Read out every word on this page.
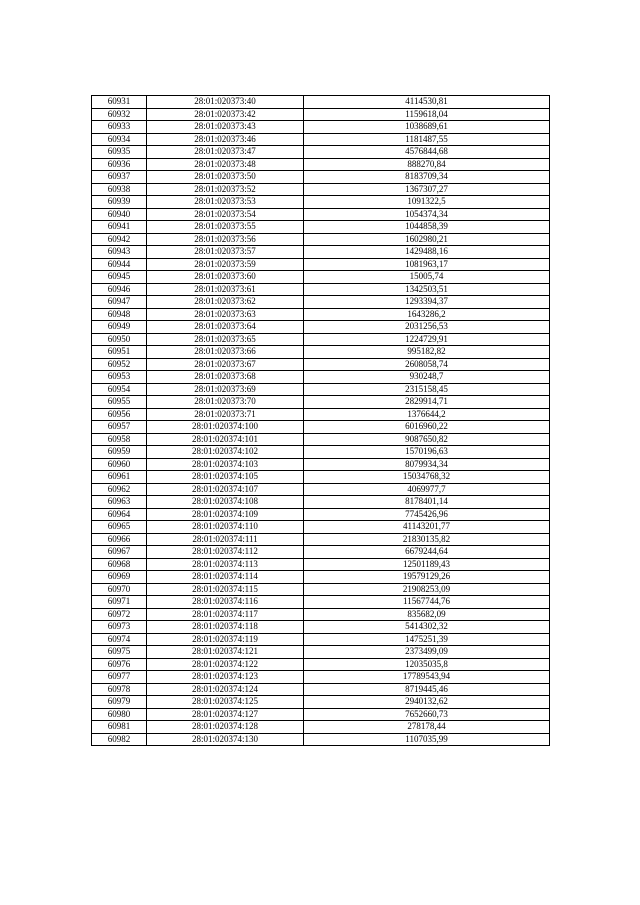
60931	28:01:020373:40	4114530,81
60932	28:01:020373:42	1159618,04
60933	28:01:020373:43	1038689,61
60934	28:01:020373:46	1181487,55
60935	28:01:020373:47	4576844,68
60936	28:01:020373:48	888270,84
60937	28:01:020373:50	8183709,34
60938	28:01:020373:52	1367307,27
60939	28:01:020373:53	1091322,5
60940	28:01:020373:54	1054374,34
60941	28:01:020373:55	1044858,39
60942	28:01:020373:56	1602980,21
60943	28:01:020373:57	1429488,16
60944	28:01:020373:59	1081963,17
60945	28:01:020373:60	15005,74
60946	28:01:020373:61	1342503,51
60947	28:01:020373:62	1293394,37
60948	28:01:020373:63	1643286,2
60949	28:01:020373:64	2031256,53
60950	28:01:020373:65	1224729,91
60951	28:01:020373:66	995182,82
60952	28:01:020373:67	2608058,74
60953	28:01:020373:68	930248,7
60954	28:01:020373:69	2315158,45
60955	28:01:020373:70	2829914,71
60956	28:01:020373:71	1376644,2
60957	28:01:020374:100	6016960,22
60958	28:01:020374:101	9087650,82
60959	28:01:020374:102	1570196,63
60960	28:01:020374:103	8079934,34
60961	28:01:020374:105	15034768,32
60962	28:01:020374:107	4069977,7
60963	28:01:020374:108	8178401,14
60964	28:01:020374:109	7745426,96
60965	28:01:020374:110	41143201,77
60966	28:01:020374:111	21830135,82
60967	28:01:020374:112	6679244,64
60968	28:01:020374:113	12501189,43
60969	28:01:020374:114	19579129,26
60970	28:01:020374:115	21908253,09
60971	28:01:020374:116	11567744,76
60972	28:01:020374:117	835682,09
60973	28:01:020374:118	5414302,32
60974	28:01:020374:119	1475251,39
60975	28:01:020374:121	2373499,09
60976	28:01:020374:122	12035035,8
60977	28:01:020374:123	17789543,94
60978	28:01:020374:124	8719445,46
60979	28:01:020374:125	2940132,62
60980	28:01:020374:127	7652660,73
60981	28:01:020374:128	278178,44
60982	28:01:020374:130	1107035,99
